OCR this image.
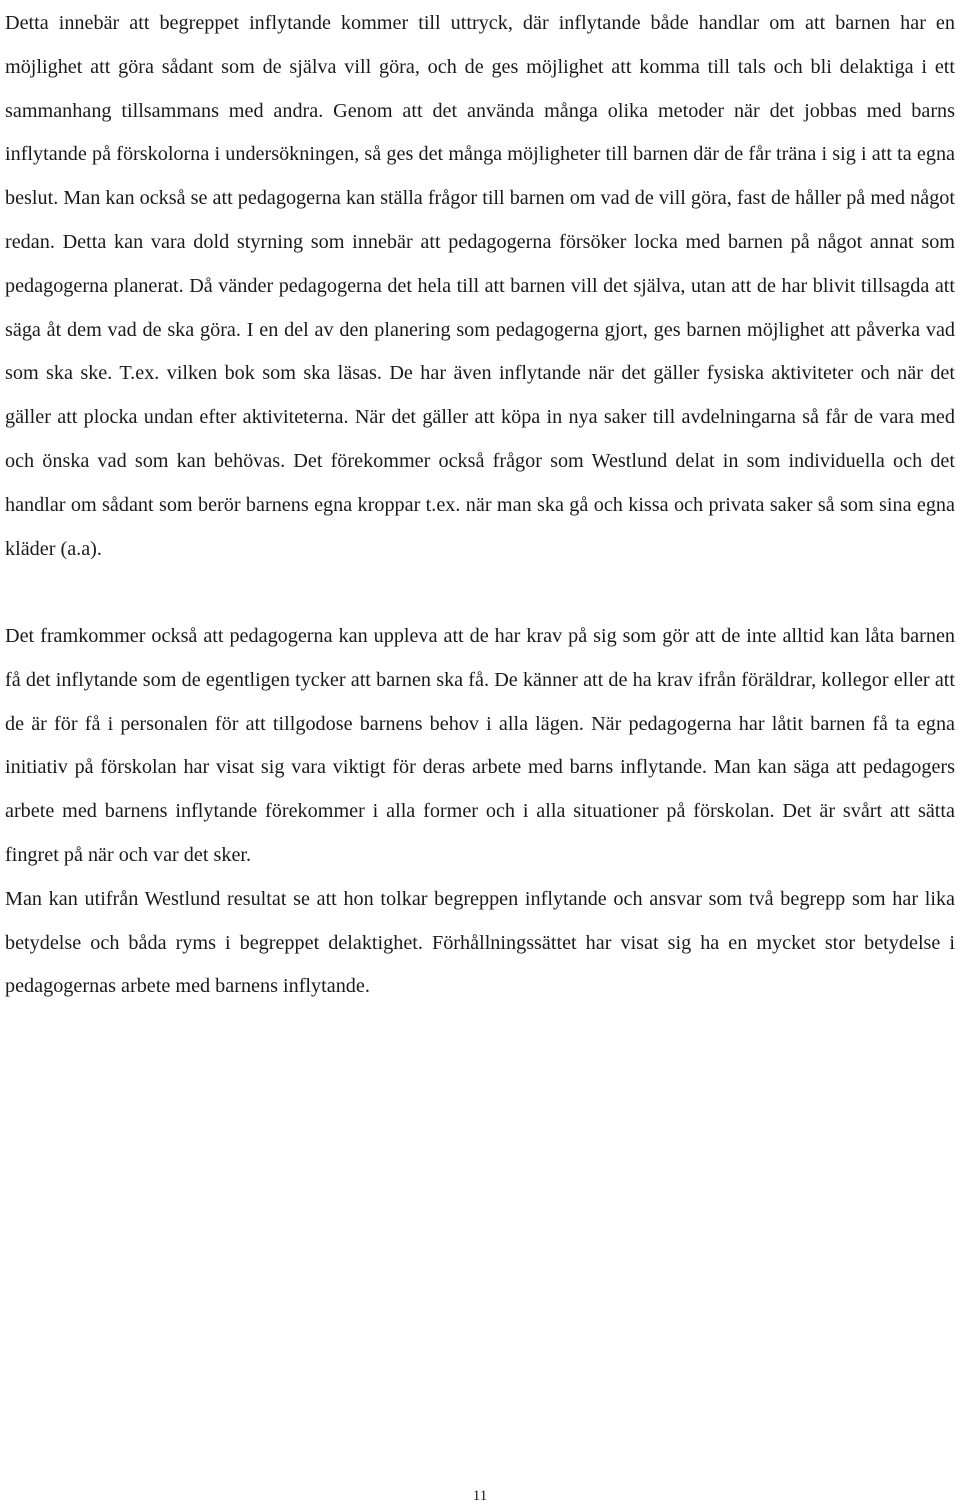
Detta innebär att begreppet inflytande kommer till uttryck, där inflytande både handlar om att barnen har en möjlighet att göra sådant som de själva vill göra, och de ges möjlighet att komma till tals och bli delaktiga i ett sammanhang tillsammans med andra. Genom att det använda många olika metoder när det jobbas med barns inflytande på förskolorna i undersökningen, så ges det många möjligheter till barnen där de får träna i sig i att ta egna beslut. Man kan också se att pedagogerna kan ställa frågor till barnen om vad de vill göra, fast de håller på med något redan. Detta kan vara dold styrning som innebär att pedagogerna försöker locka med barnen på något annat som pedagogerna planerat. Då vänder pedagogerna det hela till att barnen vill det själva, utan att de har blivit tillsagda att säga åt dem vad de ska göra. I en del av den planering som pedagogerna gjort, ges barnen möjlighet att påverka vad som ska ske. T.ex. vilken bok som ska läsas. De har även inflytande när det gäller fysiska aktiviteter och när det gäller att plocka undan efter aktiviteterna. När det gäller att köpa in nya saker till avdelningarna så får de vara med och önska vad som kan behövas. Det förekommer också frågor som Westlund delat in som individuella och det handlar om sådant som berör barnens egna kroppar t.ex. när man ska gå och kissa och privata saker så som sina egna kläder (a.a).

Det framkommer också att pedagogerna kan uppleva att de har krav på sig som gör att de inte alltid kan låta barnen få det inflytande som de egentligen tycker att barnen ska få. De känner att de ha krav ifrån föräldrar, kollegor eller att de är för få i personalen för att tillgodose barnens behov i alla lägen. När pedagogerna har låtit barnen få ta egna initiativ på förskolan har visat sig vara viktigt för deras arbete med barns inflytande. Man kan säga att pedagogers arbete med barnens inflytande förekommer i alla former och i alla situationer på förskolan. Det är svårt att sätta fingret på när och var det sker.

Man kan utifrån Westlund resultat se att hon tolkar begreppen inflytande och ansvar som två begrepp som har lika betydelse och båda ryms i begreppet delaktighet. Förhållningssättet har visat sig ha en mycket stor betydelse i pedagogernas arbete med barnens inflytande.

11
